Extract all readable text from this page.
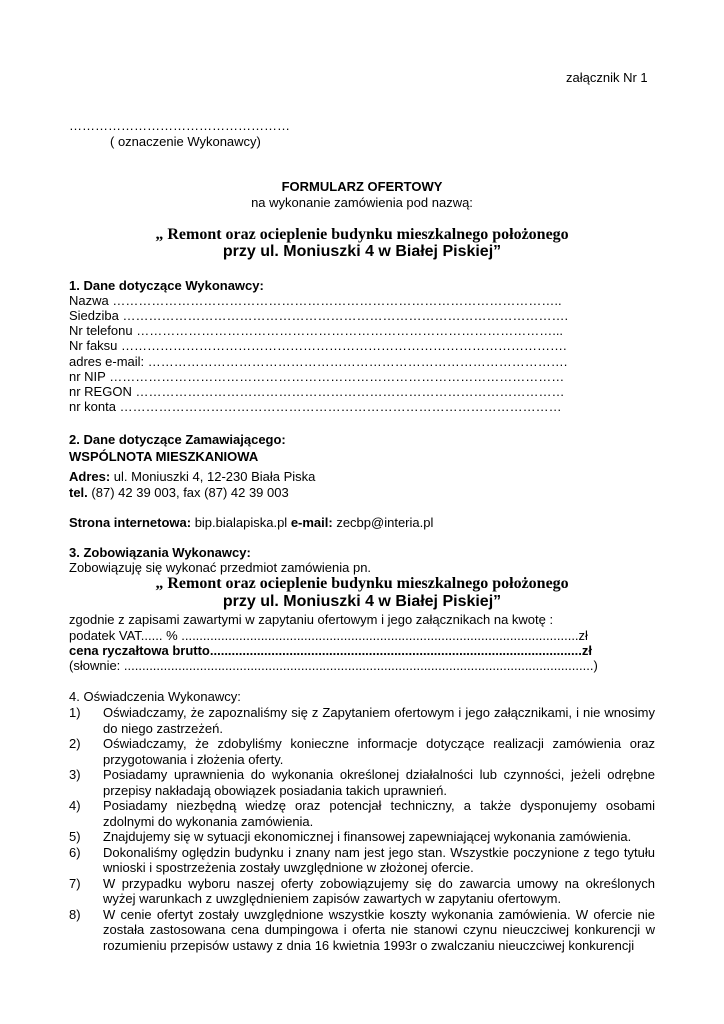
załącznik Nr 1
……………………………………………
( oznaczenie Wykonawcy)
FORMULARZ OFERTOWY
na wykonanie zamówienia pod nazwą:
„ Remont oraz ocieplenie budynku mieszkalnego położonego
przy ul. Moniuszki 4 w Białej Piskiej”
1. Dane dotyczące Wykonawcy:
Nazwa …………………………………………………………………………………………..
Siedziba ………………………………………………………………………………………….
Nr telefonu ……………………………………………………………………………………...
Nr faksu ………………………………………………………………………………………….
adres e-mail: …………………………………………………………………………………….
nr NIP ……………………………………………………………………………………………
nr REGON ………………………………………………………………………………………
nr konta …………………………………………………………………………………………
2. Dane dotyczące Zamawiającego:
WSPÓLNOTA MIESZKANIOWA
Adres: ul. Moniuszki 4, 12-230 Biała Piska
tel. (87) 42 39 003, fax (87) 42 39 003
Strona internetowa: bip.bialapiska.pl e-mail: zecbp@interia.pl
3. Zobowiązania Wykonawcy:
Zobowiązuję się wykonać przedmiot zamówienia pn.
„ Remont oraz ocieplenie budynku mieszkalnego położonego
przy ul. Moniuszki 4 w Białej Piskiej”
zgodnie z zapisami zawartymi w zapytaniu ofertowym i jego załącznikach na kwotę :
podatek VAT...... % ..............................................................................................................zł
cena ryczałtowa brutto.......................................................................................................zł
(słownie: ..................................................................................................................................)
4. Oświadczenia Wykonawcy:
1) Oświadczamy, że zapoznaliśmy się z Zapytaniem ofertowym i jego załącznikami, i nie wnosimy do niego zastrzeżeń.
2) Oświadczamy, że zdobyliśmy konieczne informacje dotyczące realizacji zamówienia oraz przygotowania i złożenia oferty.
3) Posiadamy uprawnienia do wykonania określonej działalności lub czynności, jeżeli odrębne przepisy nakładają obowiązek posiadania takich uprawnień.
4) Posiadamy niezbędną wiedzę oraz potencjał techniczny, a także dysponujemy osobami zdolnymi do wykonania zamówienia.
5) Znajdujemy się w sytuacji ekonomicznej i finansowej zapewniającej wykonania zamówienia.
6) Dokonaliśmy oględzin budynku i znany nam jest jego stan. Wszystkie poczynione z tego tytułu wnioski i spostrzeżenia zostały uwzględnione w złożonej ofercie.
7) W przypadku wyboru naszej oferty zobowiązujemy się do zawarcia umowy na określonych wyżej warunkach z uwzględnieniem zapisów zawartych w zapytaniu ofertowym.
8) W cenie ofertyt zostały uwzględnione wszystkie koszty wykonania zamówienia. W ofercie nie została zastosowana cena dumpingowa i oferta nie stanowi czynu nieuczciwej konkurencji w rozumieniu przepisów ustawy z dnia 16 kwietnia 1993r o zwalczaniu nieuczciwej konkurencji
